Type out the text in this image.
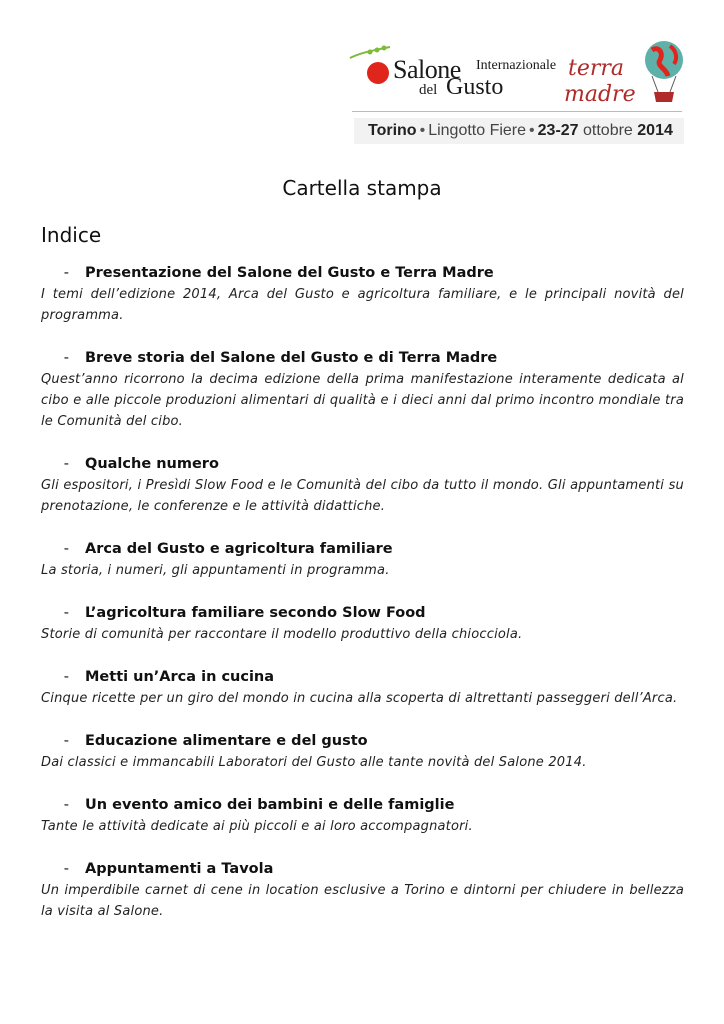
Salone Internazionale
del Gusto
terra
madre
Torino • Lingotto Fiere • 23-27 ottobre 2014
Cartella stampa
Indice
-	Presentazione del Salone del Gusto e Terra Madre
I temi dell’edizione 2014, Arca del Gusto e agricoltura familiare, e le principali novità del programma.
-	Breve storia del Salone del Gusto e di Terra Madre
Quest’anno ricorrono la decima edizione della prima manifestazione interamente dedicata al cibo e alle piccole produzioni alimentari di qualità e i dieci anni dal primo incontro mondiale tra le Comunità del cibo.
-	Qualche numero
Gli espositori, i Presìdi Slow Food e le Comunità del cibo da tutto il mondo. Gli appuntamenti su prenotazione, le conferenze e le attività didattiche.
-	Arca del Gusto e agricoltura familiare
La storia, i numeri, gli appuntamenti in programma.
-	L’agricoltura familiare secondo Slow Food
Storie di comunità per raccontare il modello produttivo della chiocciola.
-	Metti un’Arca in cucina
Cinque ricette per un giro del mondo in cucina alla scoperta di altrettanti passeggeri dell’Arca.
-	Educazione alimentare e del gusto
Dai classici e immancabili Laboratori del Gusto alle tante novità del Salone 2014.
-	Un evento amico dei bambini e delle famiglie
Tante le attività dedicate ai più piccoli e ai loro accompagnatori.
-	Appuntamenti a Tavola
Un imperdibile carnet di cene in location esclusive a Torino e dintorni per chiudere in bellezza la visita al Salone.
